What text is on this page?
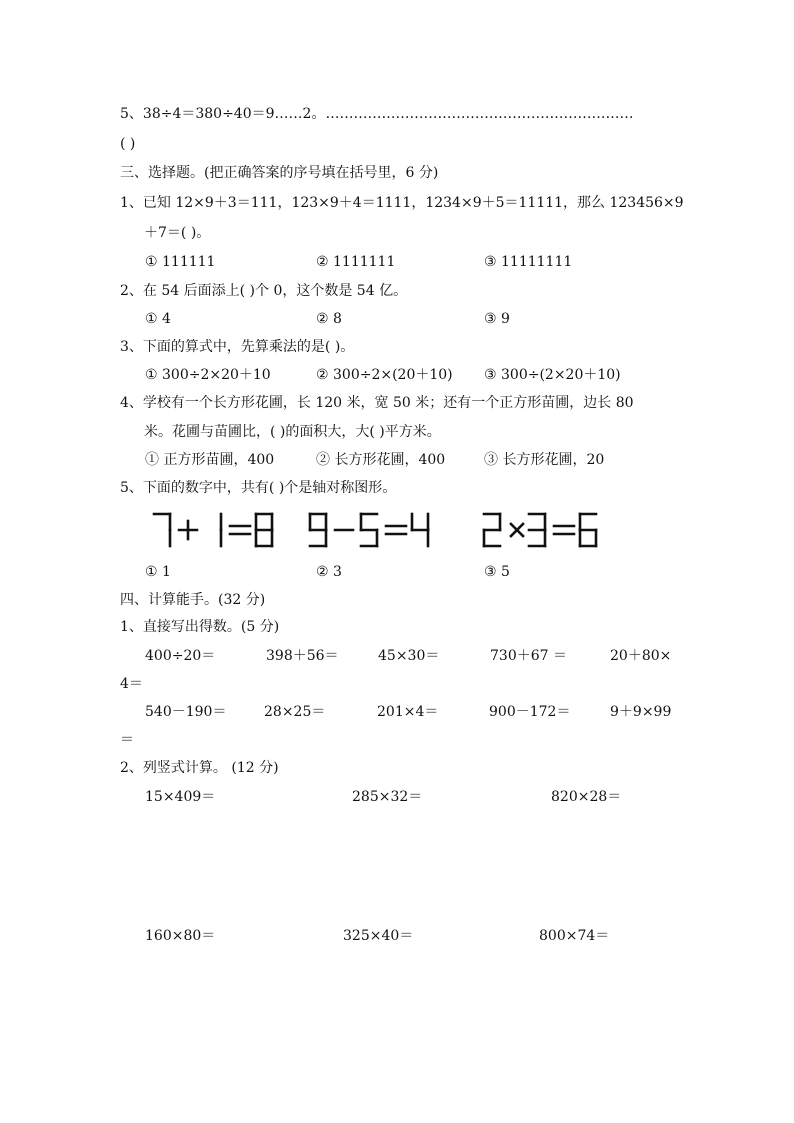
5、38÷4＝380÷40＝9……2。…………………………………………………………
( )
三、选择题。(把正确答案的序号填在括号里，6 分)
1、已知 12×9＋3＝111，123×9＋4＝1111，1234×9＋5＝11111，那么 123456×9
＋7＝( )。
① 111111	② 1111111	③ 11111111
2、在 54 后面添上( )个 0，这个数是 54 亿。
① 4	② 8	③ 9
3、下面的算式中，先算乘法的是( )。
① 300÷2×20＋10	② 300÷2×(20＋10) ③ 300÷(2×20＋10)
4、学校有一个长方形花圃，长 120 米，宽 50 米；还有一个正方形苗圃，边长 80
米。花圃与苗圃比，( )的面积大，大( )平方米。
① 正方形苗圃，400	② 长方形花圃，400	③ 长方形花圃，20
5、下面的数字中，共有( )个是轴对称图形。
① 1	② 3	③ 5
四、计算能手。(32 分)
1、直接写出得数。(5 分)
400÷20＝	398＋56＝	45×30＝	730＋67 ＝	20＋80×
4＝
540－190＝	28×25＝	201×4＝	900－172＝	9＋9×99
＝
2、列竖式计算。 (12 分)
15×409＝	285×32＝	820×28＝
160×80＝	325×40＝	800×74＝
